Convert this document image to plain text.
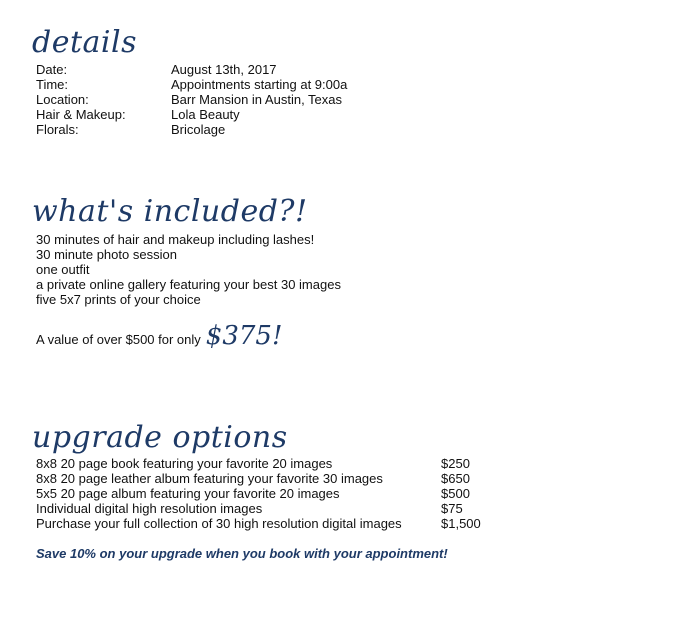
details
Date:	August 13th, 2017
Time:	Appointments starting at 9:00a
Location:	Barr Mansion in Austin, Texas
Hair & Makeup:	Lola Beauty
Florals:	Bricolage
what's included?!
30 minutes of hair and makeup including lashes!
30 minute photo session
one outfit
a private online gallery featuring your best 30 images
five 5x7 prints of your choice
A value of over $500 for only $375!
upgrade options
8x8 20 page book featuring your favorite 20 images	$250
8x8 20 page leather album featuring your favorite 30 images	$650
5x5 20 page album featuring your favorite 20 images	$500
Individual digital high resolution images	$75
Purchase your full collection of 30 high resolution digital images	$1,500
Save 10% on your upgrade when you book with your appointment!
